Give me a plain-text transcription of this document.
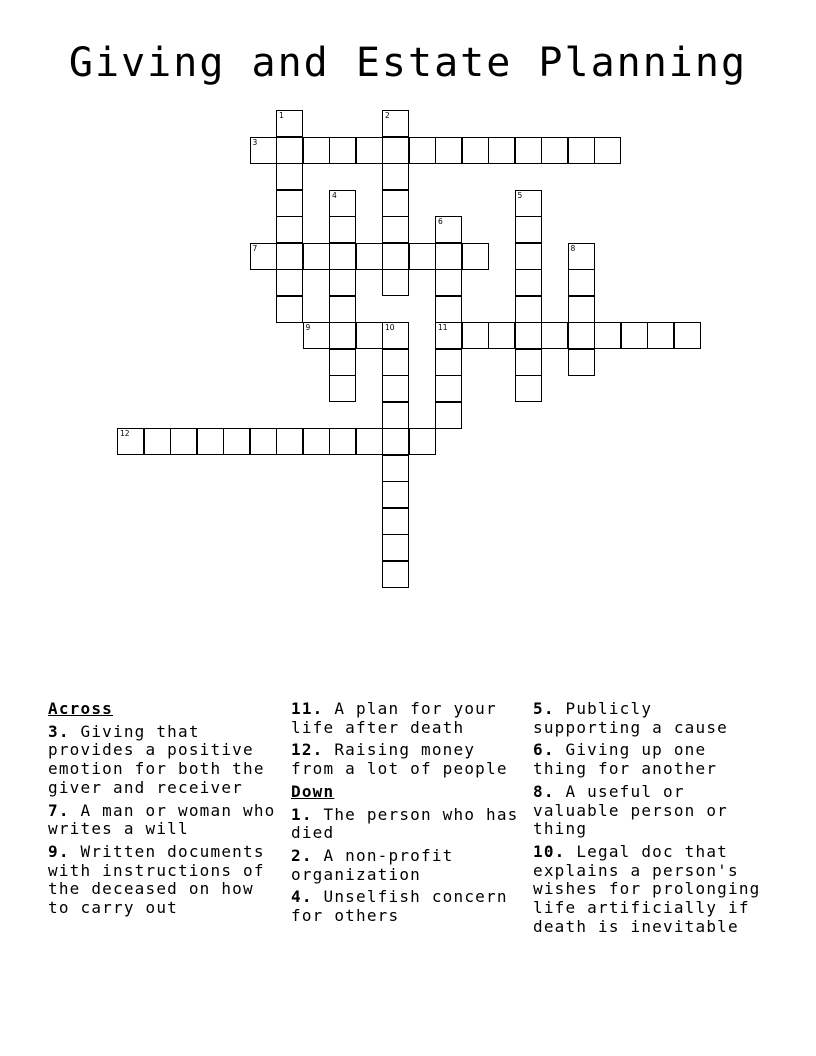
Giving and Estate Planning
1	2
3
4	5
6
11
7	8
9	10
12
Across
3. Giving that provides a positive emotion for both the giver and receiver
7. A man or woman who writes a will
9. Written documents with instructions of the deceased on how to carry out
11. A plan for your life after death
12. Raising money from a lot of people
Down
1. The person who has died
2. A non-profit organization
4. Unselfish concern for others
5. Publicly supporting a cause
6. Giving up one thing for another
8. A useful or valuable person or thing
10. Legal doc that explains a person's wishes for prolonging life artificially if death is inevitable
